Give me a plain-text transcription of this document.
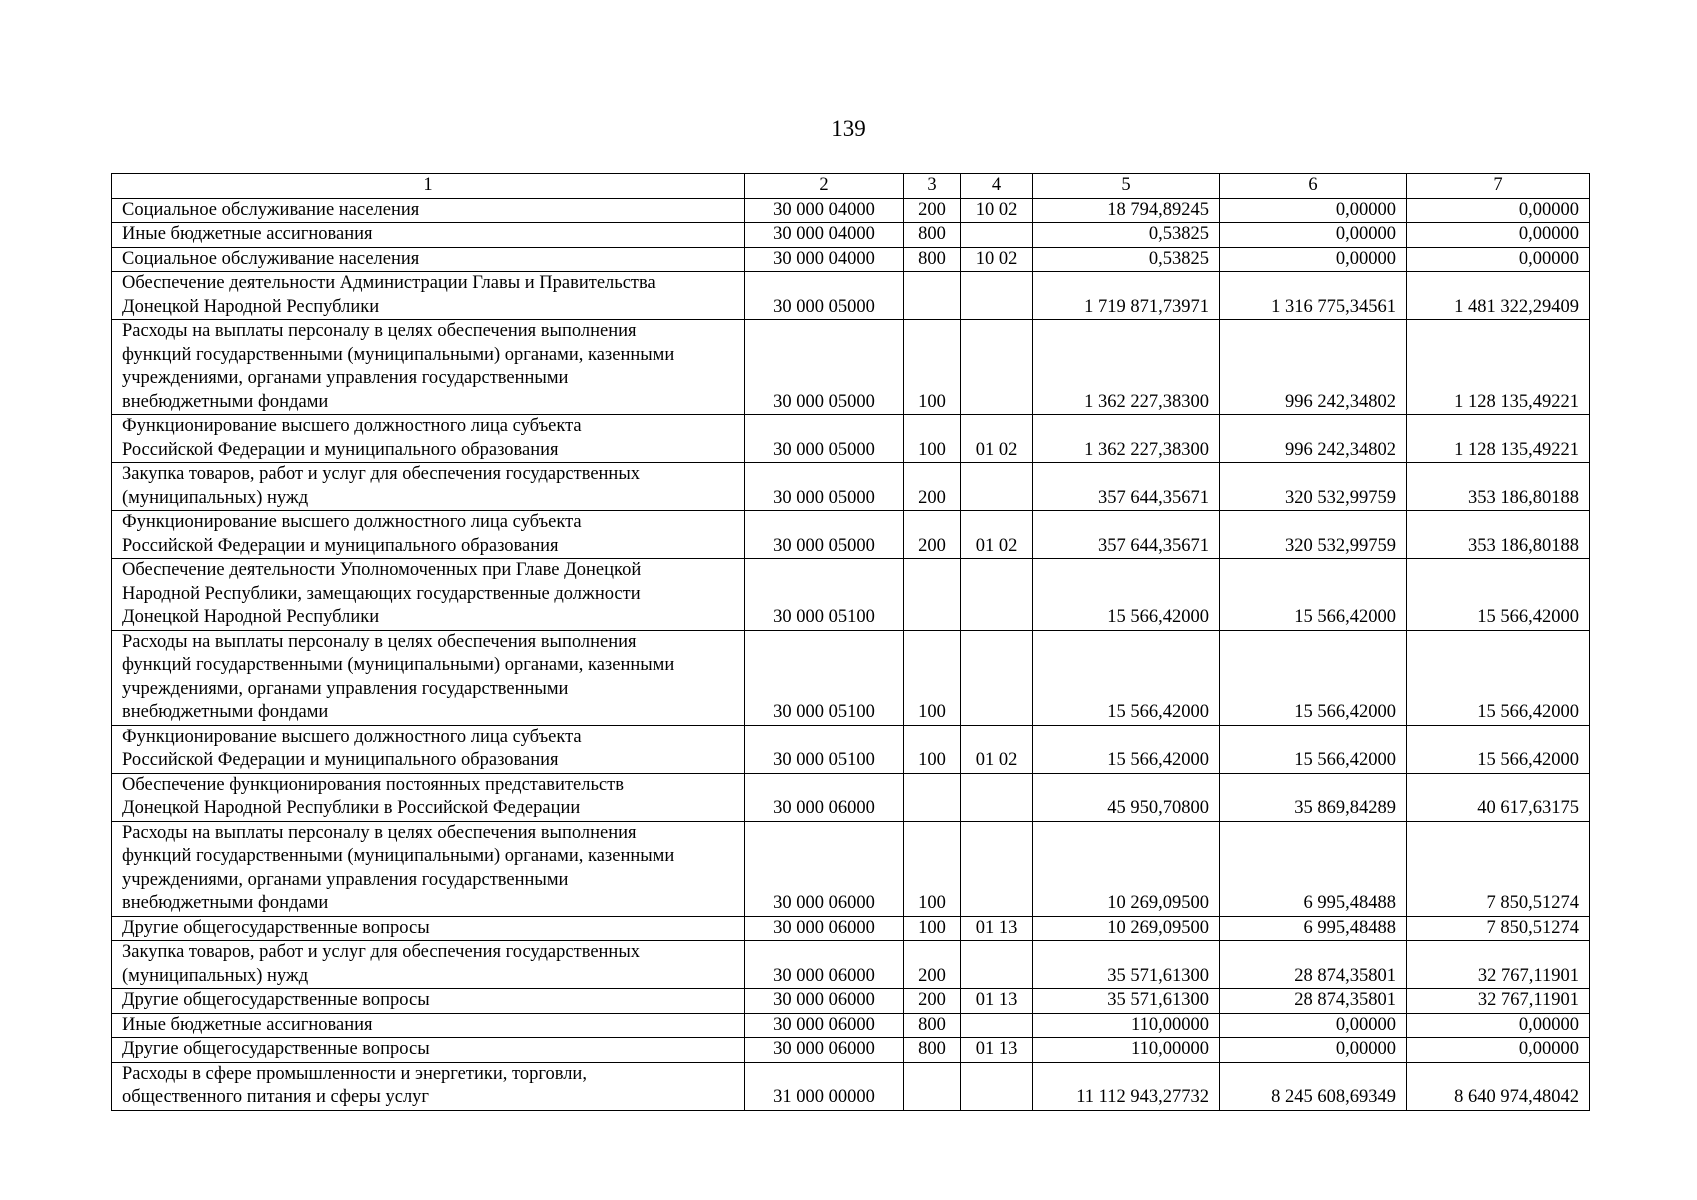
139
1	2	3	4	5	6	7

Социальное обслуживание населения	30 000 04000	200	10 02	18 794,89245	0,00000	0,00000

Иные бюджетные ассигнования	30 000 04000	800		0,53825	0,00000	0,00000

Социальное обслуживание населения	30 000 04000	800	10 02	0,53825	0,00000	0,00000

Обеспечение деятельности Администрации Главы и Правительства
Донецкой Народной Республики	30 000 05000			1 719 871,73971	1 316 775,34561	1 481 322,29409

Расходы на выплаты персоналу в целях обеспечения выполнения
функций государственными (муниципальными) органами, казенными
учреждениями, органами управления государственными
внебюджетными фондами	30 000 05000	100		1 362 227,38300	996 242,34802	1 128 135,49221

Функционирование высшего должностного лица субъекта
Российской Федерации и муниципального образования	30 000 05000	100	01 02	1 362 227,38300	996 242,34802	1 128 135,49221

Закупка товаров, работ и услуг для обеспечения государственных
(муниципальных) нужд	30 000 05000	200		357 644,35671	320 532,99759	353 186,80188

Функционирование высшего должностного лица субъекта
Российской Федерации и муниципального образования	30 000 05000	200	01 02	357 644,35671	320 532,99759	353 186,80188

Обеспечение деятельности Уполномоченных при Главе Донецкой
Народной Республики, замещающих государственные должности
Донецкой Народной Республики	30 000 05100			15 566,42000	15 566,42000	15 566,42000

Расходы на выплаты персоналу в целях обеспечения выполнения
функций государственными (муниципальными) органами, казенными
учреждениями, органами управления государственными
внебюджетными фондами	30 000 05100	100		15 566,42000	15 566,42000	15 566,42000

Функционирование высшего должностного лица субъекта
Российской Федерации и муниципального образования	30 000 05100	100	01 02	15 566,42000	15 566,42000	15 566,42000

Обеспечение функционирования постоянных представительств
Донецкой Народной Республики в Российской Федерации	30 000 06000			45 950,70800	35 869,84289	40 617,63175

Расходы на выплаты персоналу в целях обеспечения выполнения
функций государственными (муниципальными) органами, казенными
учреждениями, органами управления государственными
внебюджетными фондами	30 000 06000	100		10 269,09500	6 995,48488	7 850,51274

Другие общегосударственные вопросы	30 000 06000	100	01 13	10 269,09500	6 995,48488	7 850,51274

Закупка товаров, работ и услуг для обеспечения государственных
(муниципальных) нужд	30 000 06000	200		35 571,61300	28 874,35801	32 767,11901

Другие общегосударственные вопросы	30 000 06000	200	01 13	35 571,61300	28 874,35801	32 767,11901

Иные бюджетные ассигнования	30 000 06000	800		110,00000	0,00000	0,00000

Другие общегосударственные вопросы	30 000 06000	800	01 13	110,00000	0,00000	0,00000

Расходы в сфере промышленности и энергетики, торговли,
общественного питания и сферы услуг	31 000 00000			11 112 943,27732	8 245 608,69349	8 640 974,48042
